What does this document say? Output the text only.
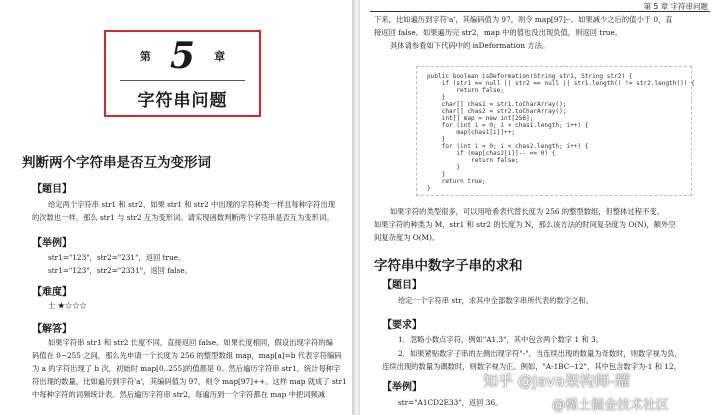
第 5 章
字符串问题
判断两个字符串是否互为变形词
【题目】
给定两个字符串 str1 和 str2，如果 str1 和 str2 中出现的字符种类一样且每种字符出现
的次数也一样，那么 str1 与 str2 互为变形词。请实现函数判断两个字符串是否互为变形词。
【举例】
str1="123"，str2="231"，返回 true。
str1="123"，str2="2331"，返回 false。
【难度】
士 ★☆☆☆
【解答】
如果字符串 str1 和 str2 长度不同，直接返回 false。如果长度相同，假设出现字符的编
码值在 0~255 之间，那么先申请一个长度为 256 的整型数组 map，map[a]=b 代表字符编码
为 a 的字符出现了 b 次，初始时 map[0..255]的值都是 0。然后遍历字符串 str1，统计每种字
符出现的数量，比如遍历到字符'a'，其编码值为 97，则令 map[97]++。这样 map 就成了 str1
中每种字符的词频统计表。然后遍历字符串 str2，每遍历到一个字符都在 map 中把词频减
第 5 章 字符串问题
下来，比如遍历到字符'a'，其编码值为 97，则令 map[97]--。如果减少之后的值小于 0，直
接返回 false。如果遍历完 str2，map 中的值也没出现负值，则返回 true。
具体请参看如下代码中的 isDeformation 方法。
public boolean isDeformation(String str1, String str2) {
if (str1 == null || str2 == null || str1.length() != str2.length()) {
return false;
}
char[] chas1 = str1.toCharArray();
char[] chas2 = str2.toCharArray();
int[] map = new int[256];
for (int i = 0; i < chas1.length; i++) {
map[chas1[i]]++;
}
for (int i = 0; i < chas2.length; i++) {
if (map[chas2[i]]-- == 0) {
return false;
}
}
return true;
}
如果字符的类型很多，可以用哈希表代替长度为 256 的整型数组，但整体过程不变。
如果字符的种类为 M，str1 和 str2 的长度为 N，那么该方法的时间复杂度为 O(N)，额外空
间复杂度为 O(M)。
字符串中数字子串的求和
【题目】
给定一个字符串 str，求其中全部数字串所代表的数字之和。
【要求】
1．忽略小数点字符，例如"A1.3"，其中包含两个数字 1 和 3。
2．如果紧贴数字子串的左侧出现字符"-"，当连续出现的数量为奇数时，则数字视为负，
连续出现的数量为偶数时，则数字视为正。例如，"A-1BC--12"，其中包含数字为-1 和 12。
【举例】
str="A1CD2E33"，返回 36。
知乎 @Java架构师-耀
@稀土掘金技术社区
